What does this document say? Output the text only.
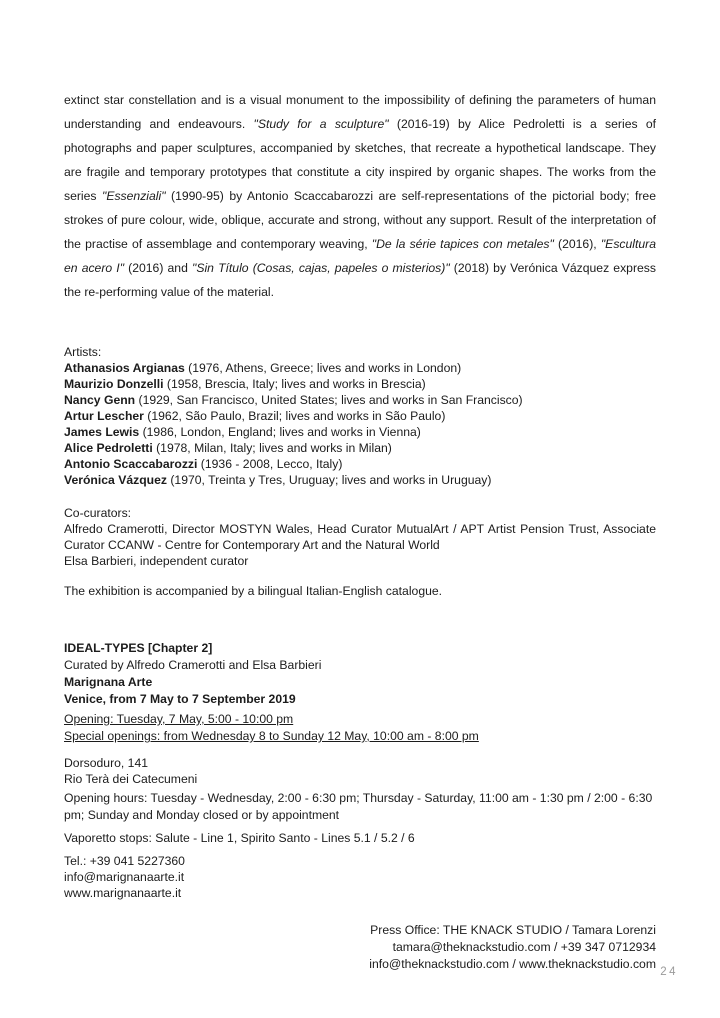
extinct star constellation and is a visual monument to the impossibility of defining the parameters of human understanding and endeavours. "Study for a sculpture" (2016-19) by Alice Pedroletti is a series of photographs and paper sculptures, accompanied by sketches, that recreate a hypothetical landscape. They are fragile and temporary prototypes that constitute a city inspired by organic shapes. The works from the series "Essenziali" (1990-95) by Antonio Scaccabarozzi are self-representations of the pictorial body; free strokes of pure colour, wide, oblique, accurate and strong, without any support. Result of the interpretation of the practise of assemblage and contemporary weaving, "De la série tapices con metales" (2016), "Escultura en acero I" (2016) and "Sin Título (Cosas, cajas, papeles o misterios)" (2018) by Verónica Vázquez express the re-performing value of the material.

Artists:
Athanasios Argianas (1976, Athens, Greece; lives and works in London)
Maurizio Donzelli (1958, Brescia, Italy; lives and works in Brescia)
Nancy Genn (1929, San Francisco, United States; lives and works in San Francisco)
Artur Lescher (1962, São Paulo, Brazil; lives and works in São Paulo)
James Lewis (1986, London, England; lives and works in Vienna)
Alice Pedroletti (1978, Milan, Italy; lives and works in Milan)
Antonio Scaccabarozzi (1936 - 2008, Lecco, Italy)
Verónica Vázquez (1970, Treinta y Tres, Uruguay; lives and works in Uruguay)
Co-curators:
Alfredo Cramerotti, Director MOSTYN Wales, Head Curator MutualArt / APT Artist Pension Trust, Associate Curator CCANW - Centre for Contemporary Art and the Natural World
Elsa Barbieri, independent curator
The exhibition is accompanied by a bilingual Italian-English catalogue.
IDEAL-TYPES [Chapter 2]
Curated by Alfredo Cramerotti and Elsa Barbieri
Marignana Arte
Venice, from 7 May to 7 September 2019
Opening: Tuesday, 7 May, 5:00 - 10:00 pm
Special openings: from Wednesday 8 to Sunday 12 May, 10:00 am - 8:00 pm
Dorsoduro, 141
Rio Terà dei Catecumeni
Opening hours: Tuesday - Wednesday, 2:00 - 6:30 pm; Thursday - Saturday, 11:00 am - 1:30 pm / 2:00 - 6:30 pm; Sunday and Monday closed or by appointment
Vaporetto stops: Salute - Line 1, Spirito Santo - Lines 5.1 / 5.2 / 6
Tel.: +39 041 5227360
info@marignanaarte.it
www.marignanaarte.it
Press Office: THE KNACK STUDIO / Tamara Lorenzi
tamara@theknackstudio.com / +39 347 0712934
info@theknackstudio.com / www.theknackstudio.com
24
